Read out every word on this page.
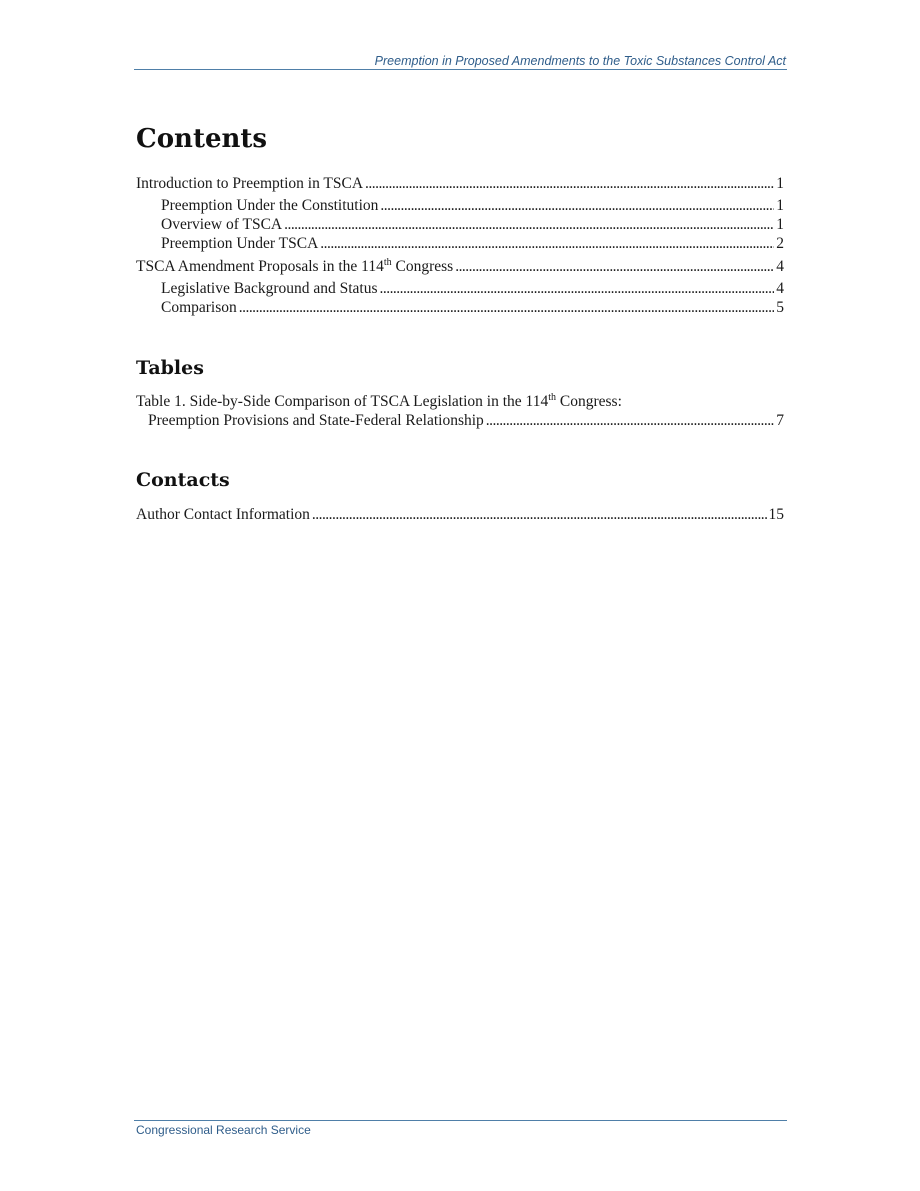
Preemption in Proposed Amendments to the Toxic Substances Control Act
Contents
Introduction to Preemption in TSCA . . .	1
Preemption Under the Constitution . . .	1
Overview of TSCA . . .	1
Preemption Under TSCA . . .	2
TSCA Amendment Proposals in the 114th Congress . . .	4
Legislative Background and Status . . .	4
Comparison . . .	5
Tables
Table 1. Side-by-Side Comparison of TSCA Legislation in the 114th Congress:
Preemption Provisions and State-Federal Relationship . . .	7
Contacts
Author Contact Information . . .	15
Congressional Research Service
